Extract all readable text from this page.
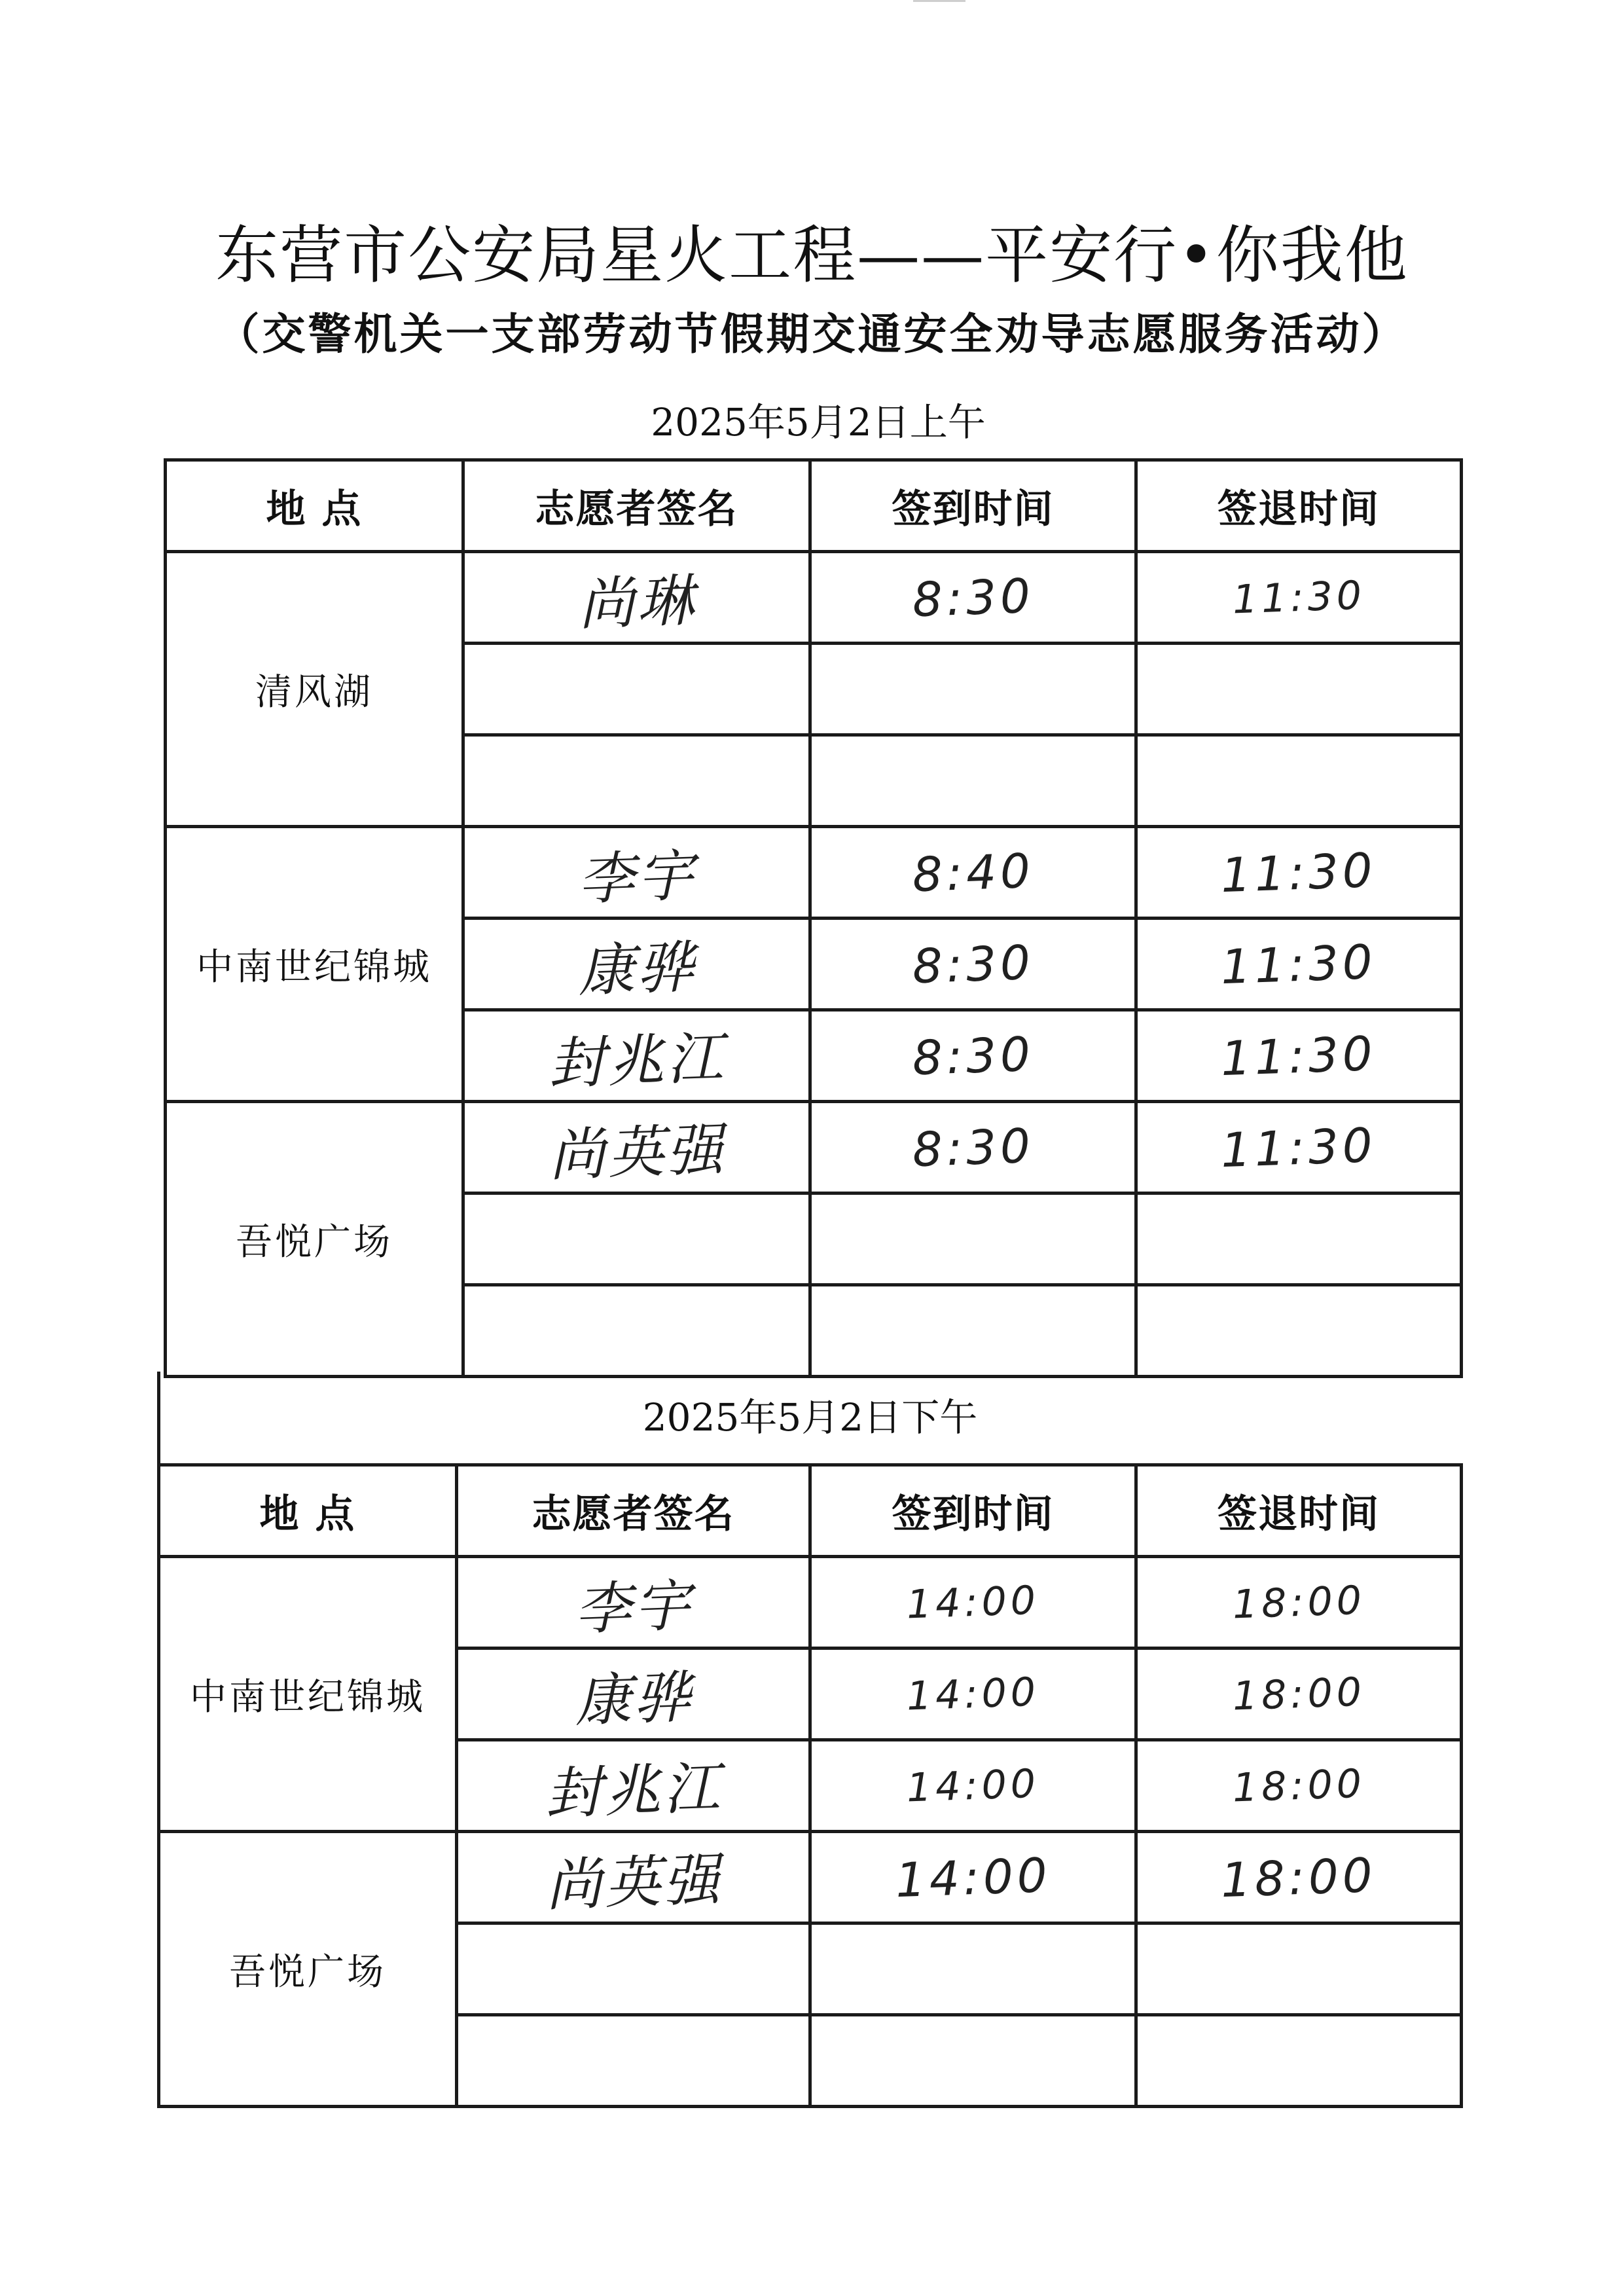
东营市公安局星火工程——平安行•你我他
（交警机关一支部劳动节假期交通安全劝导志愿服务活动）
2025年5月2日上午
地 点	志愿者签名	签到时间	签退时间
清风湖	尚琳	8:30	11:30

中南世纪锦城	李宇	8:40	11:30
	康骅	8:30	11:30
	封兆江	8:30	11:30
吾悦广场	尚英强	8:30	11:30

2025年5月2日下午
地 点	志愿者签名	签到时间	签退时间
中南世纪锦城	李宇	14:00	18:00
	康骅	14:00	18:00
	封兆江	14:00	18:00
吾悦广场	尚英强	14:00	18:00
